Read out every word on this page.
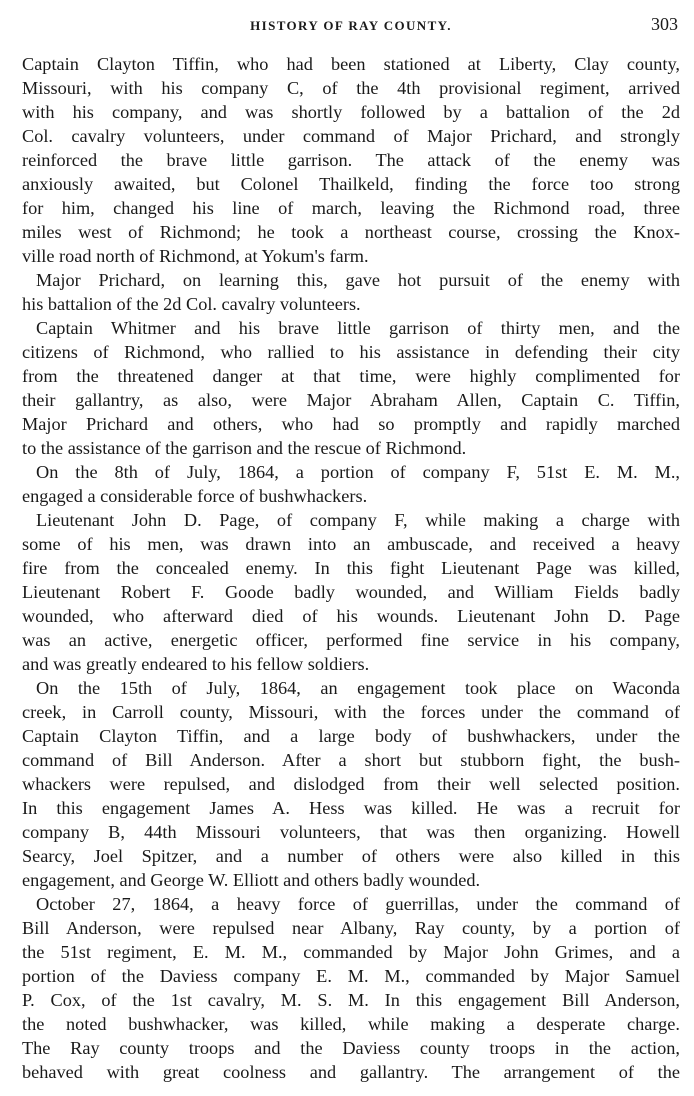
HISTORY OF RAY COUNTY.	303
Captain Clayton Tiffin, who had been stationed at Liberty, Clay county,
Missouri, with his company C, of the 4th provisional regiment, arrived
with his company, and was shortly followed by a battalion of the 2d
Col. cavalry volunteers, under command of Major Prichard, and strongly
reinforced the brave little garrison. The attack of the enemy was
anxiously awaited, but Colonel Thailkeld, finding the force too strong
for him, changed his line of march, leaving the Richmond road, three
miles west of Richmond; he took a northeast course, crossing the Knox-
ville road north of Richmond, at Yokum's farm.
Major Prichard, on learning this, gave hot pursuit of the enemy with
his battalion of the 2d Col. cavalry volunteers.
Captain Whitmer and his brave little garrison of thirty men, and the
citizens of Richmond, who rallied to his assistance in defending their city
from the threatened danger at that time, were highly complimented for
their gallantry, as also, were Major Abraham Allen, Captain C. Tiffin,
Major Prichard and others, who had so promptly and rapidly marched
to the assistance of the garrison and the rescue of Richmond.
On the 8th of July, 1864, a portion of company F, 51st E. M. M.,
engaged a considerable force of bushwhackers.
Lieutenant John D. Page, of company F, while making a charge with
some of his men, was drawn into an ambuscade, and received a heavy
fire from the concealed enemy. In this fight Lieutenant Page was killed,
Lieutenant Robert F. Goode badly wounded, and William Fields badly
wounded, who afterward died of his wounds. Lieutenant John D. Page
was an active, energetic officer, performed fine service in his company,
and was greatly endeared to his fellow soldiers.
On the 15th of July, 1864, an engagement took place on Waconda
creek, in Carroll county, Missouri, with the forces under the command of
Captain Clayton Tiffin, and a large body of bushwhackers, under the
command of Bill Anderson. After a short but stubborn fight, the bush-
whackers were repulsed, and dislodged from their well selected position.
In this engagement James A. Hess was killed. He was a recruit for
company B, 44th Missouri volunteers, that was then organizing. Howell
Searcy, Joel Spitzer, and a number of others were also killed in this
engagement, and George W. Elliott and others badly wounded.
October 27, 1864, a heavy force of guerrillas, under the command of
Bill Anderson, were repulsed near Albany, Ray county, by a portion of
the 51st regiment, E. M. M., commanded by Major John Grimes, and a
portion of the Daviess company E. M. M., commanded by Major Samuel
P. Cox, of the 1st cavalry, M. S. M. In this engagement Bill Anderson,
the noted bushwhacker, was killed, while making a desperate charge.
The Ray county troops and the Daviess county troops in the action,
behaved with great coolness and gallantry. The arrangement of the
